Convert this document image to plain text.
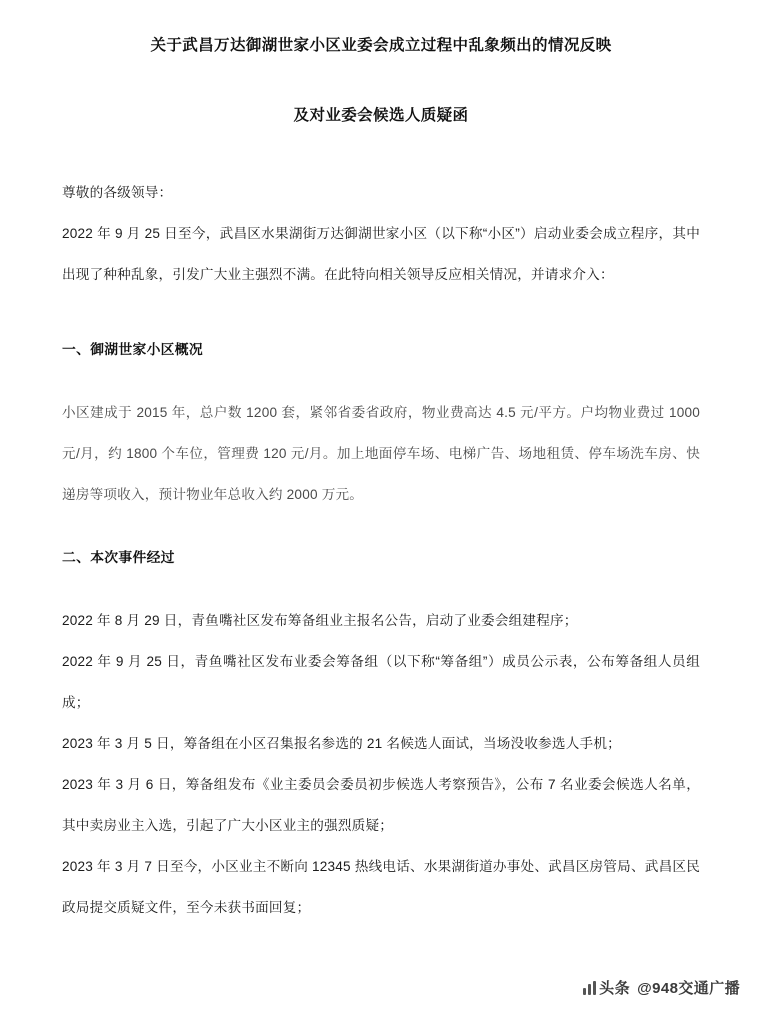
关于武昌万达御湖世家小区业委会成立过程中乱象频出的情况反映
及对业委会候选人质疑函

尊敬的各级领导：

2022 年 9 月 25 日至今，武昌区水果湖街万达御湖世家小区（以下称“小区”）启动业委会成立程序，其中出现了种种乱象，引发广大业主强烈不满。在此特向相关领导反应相关情况，并请求介入：

一、御湖世家小区概况

小区建成于 2015 年，总户数 1200 套，紧邻省委省政府，物业费高达 4.5 元/平方。户均物业费过 1000 元/月，约 1800 个车位，管理费 120 元/月。加上地面停车场、电梯广告、场地租赁、停车场洗车房、快递房等项收入，预计物业年总收入约 2000 万元。

二、本次事件经过

2022 年 8 月 29 日，青鱼嘴社区发布筹备组业主报名公告，启动了业委会组建程序；

2022 年 9 月 25 日，青鱼嘴社区发布业委会筹备组（以下称“筹备组”）成员公示表，公布筹备组人员组成；

2023 年 3 月 5 日，筹备组在小区召集报名参选的 21 名候选人面试，当场没收参选人手机；

2023 年 3 月 6 日，筹备组发布《业主委员会委员初步候选人考察预告》，公布 7 名业委会候选人名单，其中卖房业主入选，引起了广大小区业主的强烈质疑；

2023 年 3 月 7 日至今，小区业主不断向 12345 热线电话、水果湖街道办事处、武昌区房管局、武昌区民政局提交质疑文件，至今未获书面回复；

头条 @948交通广播
